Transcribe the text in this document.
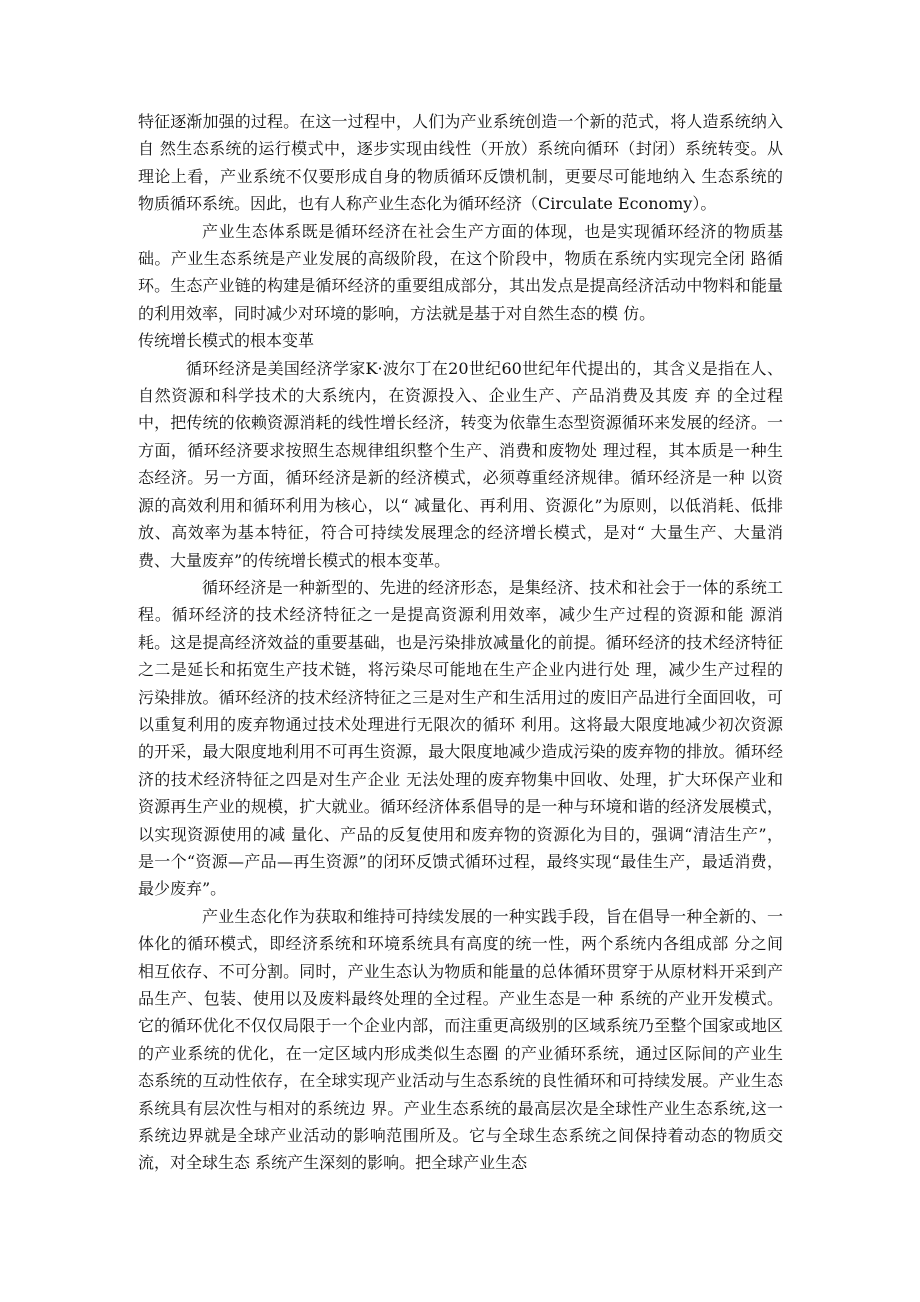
特征逐渐加强的过程。在这一过程中，人们为产业系统创造一个新的范式，将人造系统纳入自 然生态系统的运行模式中，逐步实现由线性（开放）系统向循环（封闭）系统转变。从理论上看，产业系统不仅要形成自身的物质循环反馈机制，更要尽可能地纳入 生态系统的物质循环系统。因此，也有人称产业生态化为循环经济（Circulate Economy）。

产业生态体系既是循环经济在社会生产方面的体现，也是实现循环经济的物质基础。产业生态系统是产业发展的高级阶段，在这个阶段中，物质在系统内实现完全闭 路循环。生态产业链的构建是循环经济的重要组成部分，其出发点是提高经济活动中物料和能量的利用效率，同时减少对环境的影响，方法就是基于对自然生态的模 仿。

传统增长模式的根本变革

循环经济是美国经济学家K·波尔丁在20世纪60世纪年代提出的，其含义是指在人、自然资源和科学技术的大系统内，在资源投入、企业生产、产品消费及其废 弃 的全过程中，把传统的依赖资源消耗的线性增长经济，转变为依靠生态型资源循环来发展的经济。一方面，循环经济要求按照生态规律组织整个生产、消费和废物处 理过程，其本质是一种生态经济。另一方面，循环经济是新的经济模式，必须尊重经济规律。循环经济是一种 以资源的高效利用和循环利用为核心，以“ 减量化、再利用、资源化”为原则，以低消耗、低排放、高效率为基本特征，符合可持续发展理念的经济增长模式，是对“ 大量生产、大量消费、大量废弃”的传统增长模式的根本变革。

循环经济是一种新型的、先进的经济形态，是集经济、技术和社会于一体的系统工程。循环经济的技术经济特征之一是提高资源利用效率，减少生产过程的资源和能 源消耗。这是提高经济效益的重要基础，也是污染排放减量化的前提。循环经济的技术经济特征之二是延长和拓宽生产技术链，将污染尽可能地在生产企业内进行处 理，减少生产过程的污染排放。循环经济的技术经济特征之三是对生产和生活用过的废旧产品进行全面回收，可以重复利用的废弃物通过技术处理进行无限次的循环 利用。这将最大限度地减少初次资源的开采，最大限度地利用不可再生资源，最大限度地减少造成污染的废弃物的排放。循环经济的技术经济特征之四是对生产企业 无法处理的废弃物集中回收、处理，扩大环保产业和资源再生产业的规模，扩大就业。循环经济体系倡导的是一种与环境和谐的经济发展模式，以实现资源使用的减 量化、产品的反复使用和废弃物的资源化为目的，强调“清洁生产”，是一个“资源—产品—再生资源”的闭环反馈式循环过程，最终实现“最佳生产，最适消费， 最少废弃”。

产业生态化作为获取和维持可持续发展的一种实践手段，旨在倡导一种全新的、一体化的循环模式，即经济系统和环境系统具有高度的统一性，两个系统内各组成部 分之间相互依存、不可分割。同时，产业生态认为物质和能量的总体循环贯穿于从原材料开采到产品生产、包装、使用以及废料最终处理的全过程。产业生态是一种 系统的产业开发模式。它的循环优化不仅仅局限于一个企业内部，而注重更高级别的区域系统乃至整个国家或地区的产业系统的优化，在一定区域内形成类似生态圈 的产业循环系统，通过区际间的产业生态系统的互动性依存，在全球实现产业活动与生态系统的良性循环和可持续发展。产业生态系统具有层次性与相对的系统边 界。产业生态系统的最高层次是全球性产业生态系统,这一系统边界就是全球产业活动的影响范围所及。它与全球生态系统之间保持着动态的物质交流，对全球生态 系统产生深刻的影响。把全球产业生态
